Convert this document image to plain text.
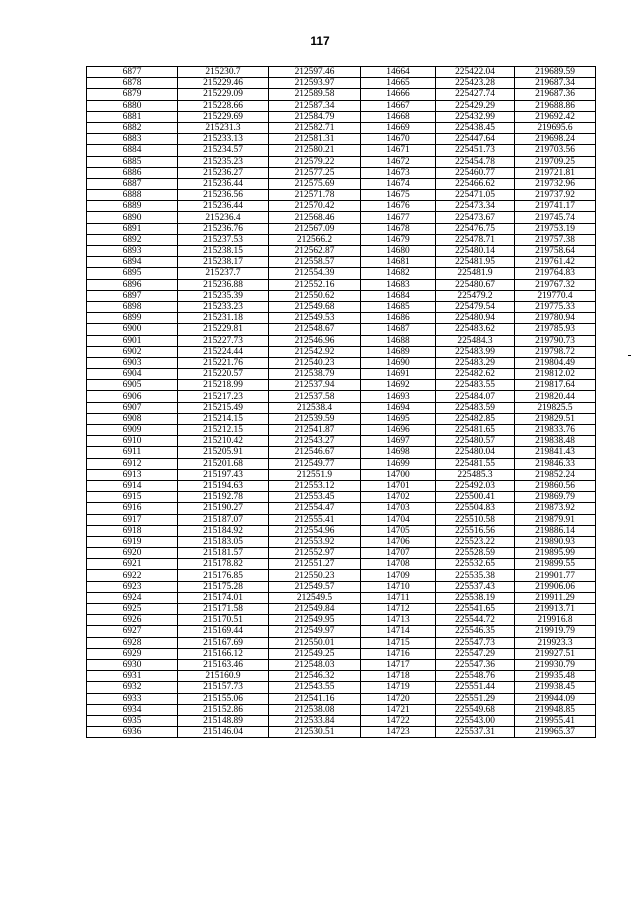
117
6877	215230.7	212597.46	14664	225422.04	219689.59
6878	215229.46	212593.97	14665	225423.28	219687.34
6879	215229.09	212589.58	14666	225427.74	219687.36
6880	215228.66	212587.34	14667	225429.29	219688.86
6881	215229.69	212584.79	14668	225432.99	219692.42
6882	215231.3	212582.71	14669	225438.45	219695.6
6883	215233.13	212581.31	14670	225447.64	219698.24
6884	215234.57	212580.21	14671	225451.73	219703.56
6885	215235.23	212579.22	14672	225454.78	219709.25
6886	215236.27	212577.25	14673	225460.77	219721.81
6887	215236.44	212575.69	14674	225466.62	219732.96
6888	215236.56	212571.78	14675	225471.05	219737.92
6889	215236.44	212570.42	14676	225473.34	219741.17
6890	215236.4	212568.46	14677	225473.67	219745.74
6891	215236.76	212567.09	14678	225476.75	219753.19
6892	215237.53	212566.2	14679	225478.71	219757.38
6893	215238.15	212562.87	14680	225480.14	219758.64
6894	215238.17	212558.57	14681	225481.95	219761.42
6895	215237.7	212554.39	14682	225481.9	219764.83
6896	215236.88	212552.16	14683	225480.67	219767.32
6897	215235.39	212550.62	14684	225479.2	219770.4
6898	215233.23	212549.68	14685	225479.54	219775.33
6899	215231.18	212549.53	14686	225480.94	219780.94
6900	215229.81	212548.67	14687	225483.62	219785.93
6901	215227.73	212546.96	14688	225484.3	219790.73
6902	215224.44	212542.92	14689	225483.99	219798.72
6903	215221.76	212540.23	14690	225483.29	219804.49
6904	215220.57	212538.79	14691	225482.62	219812.02
6905	215218.99	212537.94	14692	225483.55	219817.64
6906	215217.23	212537.58	14693	225484.07	219820.44
6907	215215.49	212538.4	14694	225483.59	219825.5
6908	215214.15	212539.59	14695	225482.85	219829.51
6909	215212.15	212541.87	14696	225481.65	219833.76
6910	215210.42	212543.27	14697	225480.57	219838.48
6911	215205.91	212546.67	14698	225480.04	219841.43
6912	215201.68	212549.77	14699	225481.55	219846.33
6913	215197.43	212551.9	14700	225485.3	219852.24
6914	215194.63	212553.12	14701	225492.03	219860.56
6915	215192.78	212553.45	14702	225500.41	219869.79
6916	215190.27	212554.47	14703	225504.83	219873.92
6917	215187.07	212555.41	14704	225510.58	219879.91
6918	215184.92	212554.96	14705	225516.56	219886.14
6919	215183.05	212553.92	14706	225523.22	219890.93
6920	215181.57	212552.97	14707	225528.59	219895.99
6921	215178.82	212551.27	14708	225532.65	219899.55
6922	215176.85	212550.23	14709	225535.38	219901.77
6923	215175.28	212549.57	14710	225537.43	219906.06
6924	215174.01	212549.5	14711	225538.19	219911.29
6925	215171.58	212549.84	14712	225541.65	219913.71
6926	215170.51	212549.95	14713	225544.72	219916.8
6927	215169.44	212549.97	14714	225546.35	219919.79
6928	215167.69	212550.01	14715	225547.73	219923.3
6929	215166.12	212549.25	14716	225547.29	219927.51
6930	215163.46	212548.03	14717	225547.36	219930.79
6931	215160.9	212546.32	14718	225548.76	219935.48
6932	215157.73	212543.55	14719	225551.44	219938.45
6933	215155.06	212541.16	14720	225551.29	219944.09
6934	215152.86	212538.08	14721	225549.68	219948.85
6935	215148.89	212533.84	14722	225543.00	219955.41
6936	215146.04	212530.51	14723	225537.31	219965.37
